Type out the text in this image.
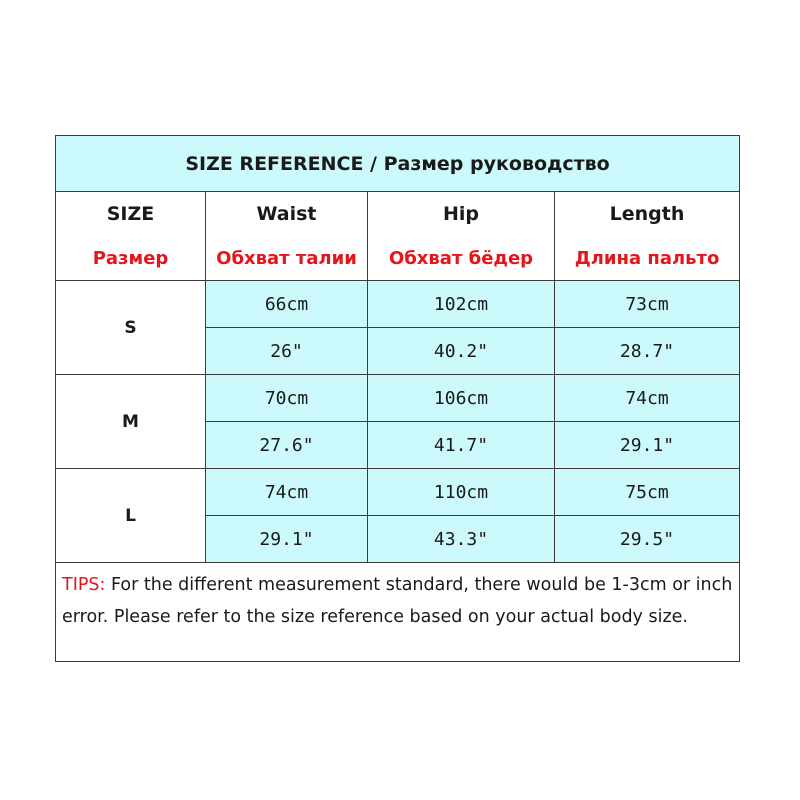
SIZE REFERENCE / Размер руководство			
SIZE	Waist	Hip	Length
Размер	Обхват талии	Обхват бёдер	Длина пальто
S	66cm	102cm	73cm
	26"	40.2"	28.7"
M	70cm	106cm	74cm
	27.6"	41.7"	29.1"
L	74cm	110cm	75cm
	29.1"	43.3"	29.5"
TIPS: For the different measurement standard, there would be 1-3cm or inch error. Please refer to the size reference based on your actual body size.			
